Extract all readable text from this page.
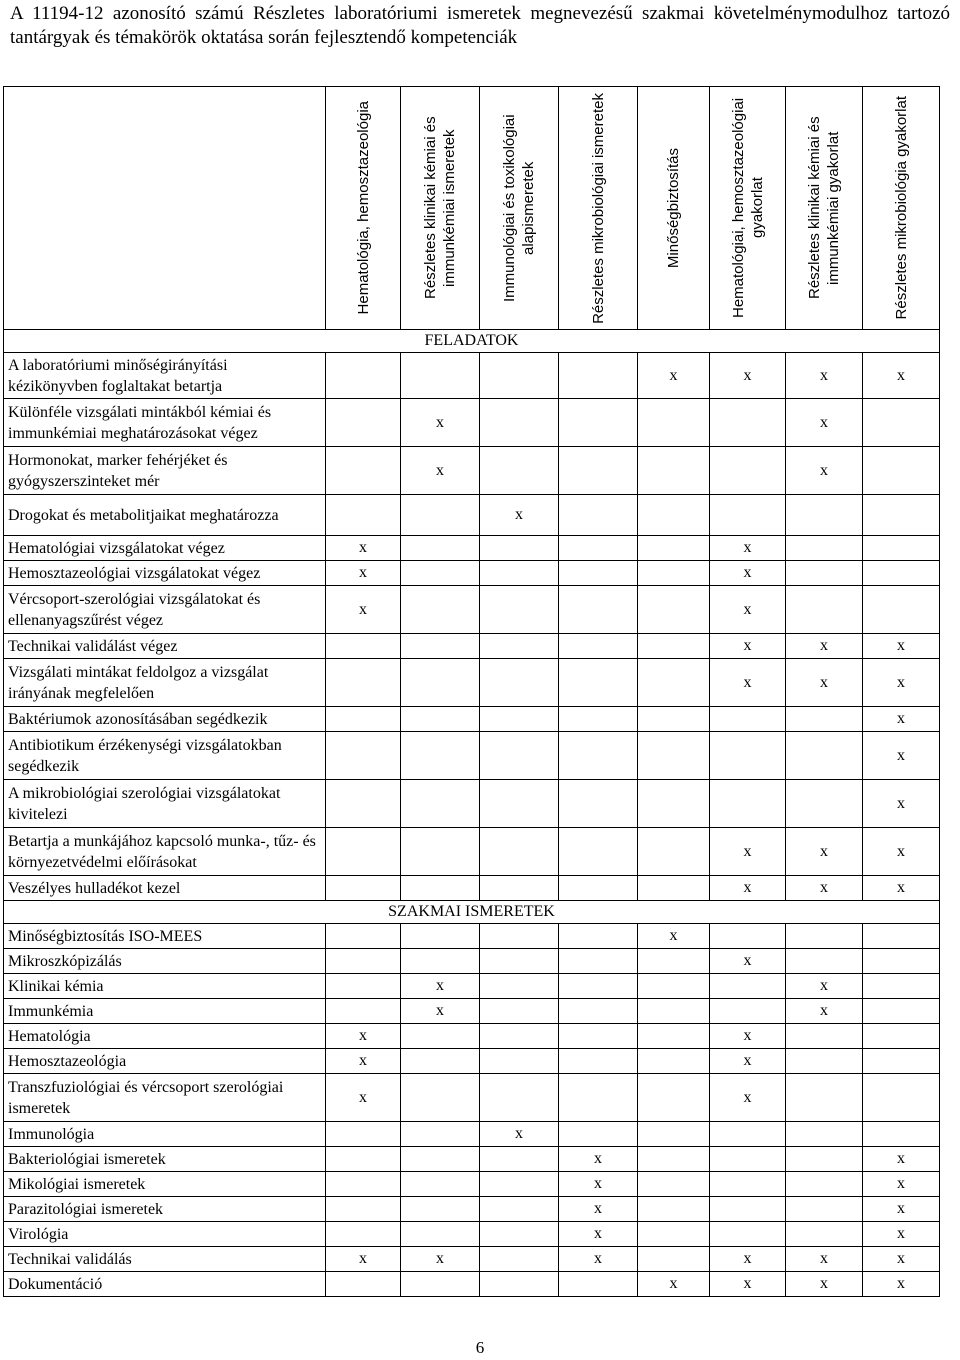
A 11194-12 azonosító számú Részletes laboratóriumi ismeretek megnevezésű szakmai követelménymodulhoz tartozó tantárgyak és témakörök oktatása során fejlesztendő kompetenciák

	Hematológia, hemosztazeológia	Részletes klinikai kémiai és immunkémiai ismeretek	Immunológiai és toxikológiai alapismeretek	Részletes mikrobiológiai ismeretek	Minőségbiztosítás	Hematológiai, hemosztazeológiai gyakorlat	Részletes klinikai kémiai és immunkémiai gyakorlat	Részletes mikrobiológia gyakorlat

FELADATOK								
A laboratóriumi minőségirányítási kézikönyvben foglaltakat betartja					x	x	x	x
Különféle vizsgálati mintákból kémiai és immunkémiai meghatározásokat végez		x					x	
Hormonokat, marker fehérjéket és gyógyszerszinteket mér		x					x	
Drogokat és metabolitjaikat meghatározza			x					
Hematológiai vizsgálatokat végez	x					x		
Hemosztazeológiai vizsgálatokat végez	x					x		
Vércsoport-szerológiai vizsgálatokat és ellenanyagszűrést végez	x					x		
Technikai validálást végez						x	x	x
Vizsgálati mintákat feldolgoz a vizsgálat irányának megfelelően						x	x	x
Baktériumok azonosításában segédkezik								x
Antibiotikum érzékenységi vizsgálatokban segédkezik								x
A mikrobiológiai szerológiai vizsgálatokat kivitelezi								x
Betartja a munkájához kapcsoló munka-, tűz- és környezetvédelmi előírásokat						x	x	x
Veszélyes hulladékot kezel						x	x	x
SZAKMAI ISMERETEK								
Minőségbiztosítás ISO-MEES					x			
Mikroszkópizálás						x		
Klinikai kémia		x					x	
Immunkémia		x					x	
Hematológia	x					x		
Hemosztazeológia	x					x		
Transzfuziológiai és vércsoport szerológiai ismeretek	x					x		
Immunológia			x					
Bakteriológiai ismeretek				x				x
Mikológiai ismeretek				x				x
Parazitológiai ismeretek				x				x
Virológia				x				x
Technikai validálás	x	x		x		x	x	x
Dokumentáció					x	x	x	x
6
